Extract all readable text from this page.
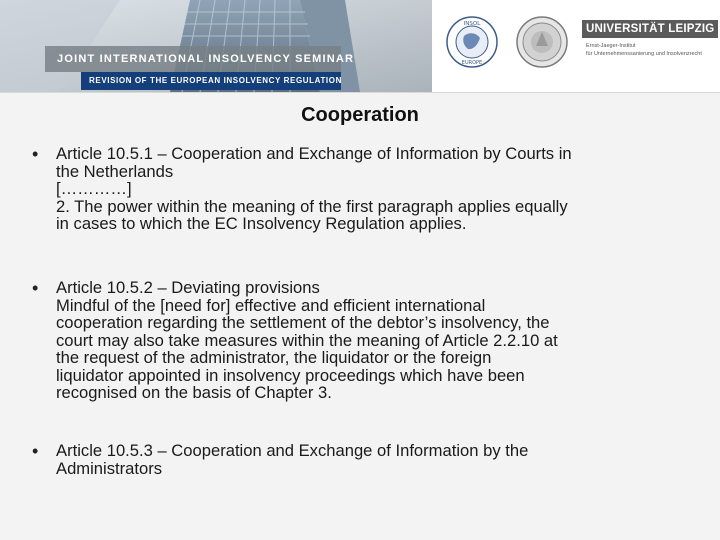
JOINT INTERNATIONAL INSOLVENCY SEMINAR
REVISION OF THE EUROPEAN INSOLVENCY REGULATION
INSOL
EUROPE
UNIVERSITÄT LEIPZIG
Ernst-Jaeger-Institut
für Unternehmenssanierung und Insolvenzrecht
Cooperation
• Article 10.5.1 – Cooperation and Exchange of Information by Courts in

the Netherlands

[…………]

2. The power within the meaning of the first paragraph applies equally

in cases to which the EC Insolvency Regulation applies.

• Article 10.5.2 – Deviating provisions

Mindful of the [need for] effective and efficient international

cooperation regarding the settlement of the debtor’s insolvency, the

court may also take measures within the meaning of Article 2.2.10 at

the request of the administrator, the liquidator or the foreign

liquidator appointed in insolvency proceedings which have been

recognised on the basis of Chapter 3.

• Article 10.5.3 – Cooperation and Exchange of Information by the

Administrators
